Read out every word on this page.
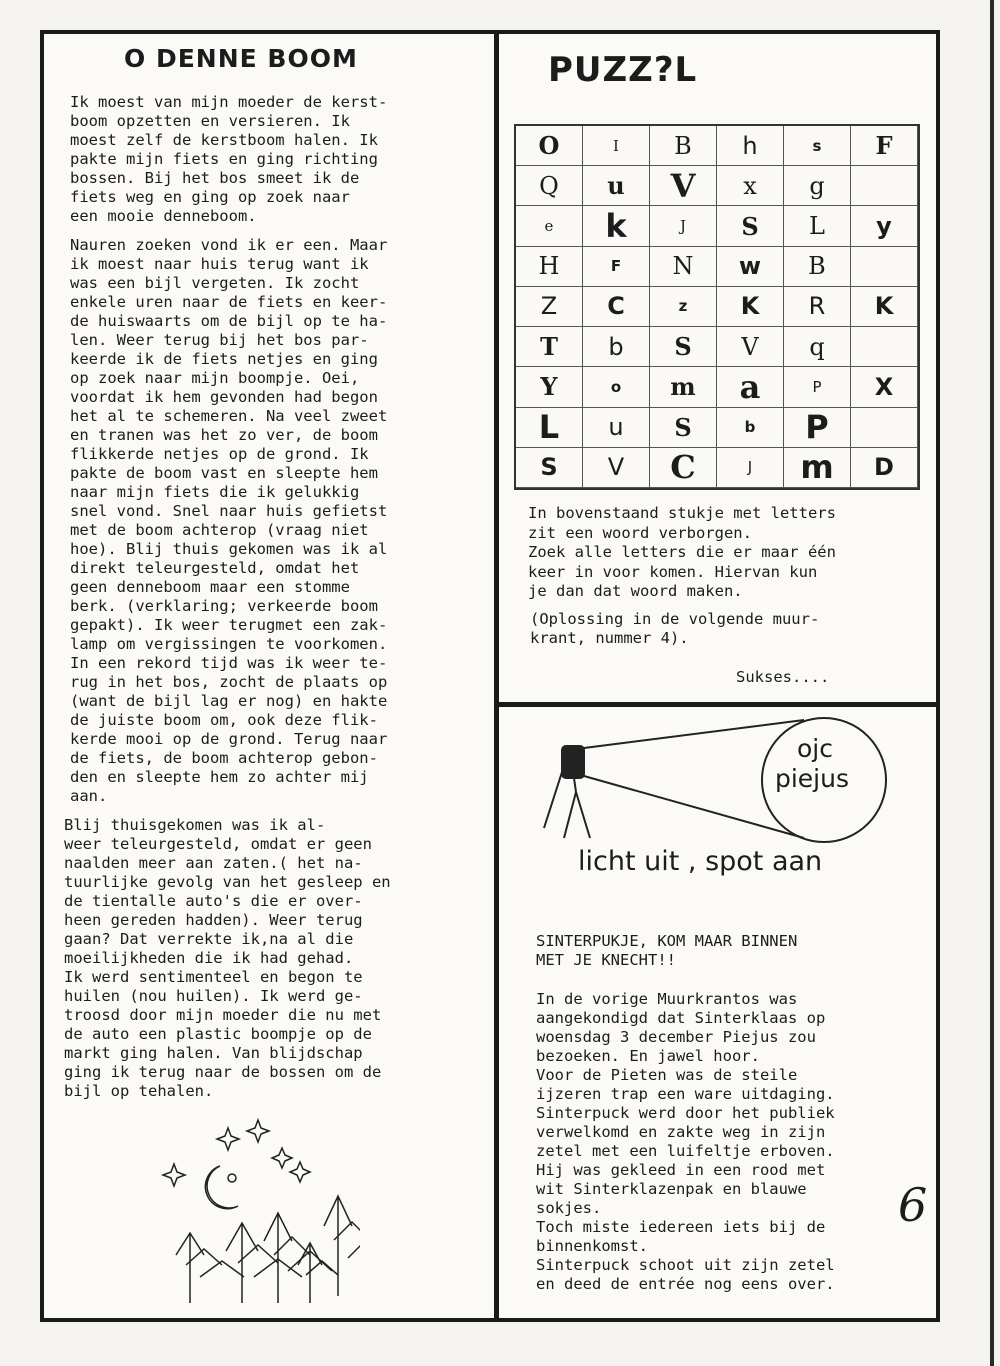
O DENNE BOOM
Ik moest van mijn moeder de kerst-
boom opzetten en versieren. Ik
moest zelf de kerstboom halen. Ik
pakte mijn fiets en ging richting
bossen. Bij het bos smeet ik de
fiets weg en ging op zoek naar
een mooie denneboom.
Nauren zoeken vond ik er een. Maar
ik moest naar huis terug want ik
was een bijl vergeten. Ik zocht
enkele uren naar de fiets en keer-
de huiswaarts om de bijl op te ha-
len. Weer terug bij het bos par-
keerde ik de fiets netjes en ging
op zoek naar mijn boompje. Oei,
voordat ik hem gevonden had begon
het al te schemeren. Na veel zweet
en tranen was het zo ver, de boom
flikkerde netjes op de grond. Ik
pakte de boom vast en sleepte hem
naar mijn fiets die ik gelukkig
snel vond. Snel naar huis gefietst
met de boom achterop (vraag niet
hoe). Blij thuis gekomen was ik al
direkt teleurgesteld, omdat het
geen denneboom maar een stomme
berk. (verklaring; verkeerde boom
gepakt). Ik weer terugmet een zak-
lamp om vergissingen te voorkomen.
In een rekord tijd was ik weer te-
rug in het bos, zocht de plaats op
(want de bijl lag er nog) en hakte
de juiste boom om, ook deze flik-
kerde mooi op de grond. Terug naar
de fiets, de boom achterop gebon-
den en sleepte hem zo achter mij
aan.
Blij thuisgekomen was ik al-
weer teleurgesteld, omdat er geen
naalden meer aan zaten.( het na-
tuurlijke gevolg van het gesleep en
de tientalle auto's die er over-
heen gereden hadden). Weer terug
gaan? Dat verrekte ik,na al die
moeilijkheden die ik had gehad.
Ik werd sentimenteel en begon te
huilen (nou huilen). Ik werd ge-
troosd door mijn moeder die nu met
de auto een plastic boompje op de
markt ging halen. Van blijdschap
ging ik terug naar de bossen om de
bijl op tehalen.
PUZZ?L
O	I	B	h	s	F
Q	u	V	x	g
e	k	J	S	L	y
H	F	N	w	B
Z	C	z	K	R	K
T	b	S	V	q
Y	o	m	a	P	X
L	u	S	b	P
S	V	C	J	m	D
In bovenstaand stukje met letters
zit een woord verborgen.
Zoek alle letters die er maar één
keer in voor komen. Hiervan kun
je dan dat woord maken.
(Oplossing in de volgende muur-
krant, nummer 4).
Sukses....
ojc
piejus
licht uit , spot aan
SINTERPUKJE, KOM MAAR BINNEN
MET JE KNECHT!!
In de vorige Muurkrantos was
aangekondigd dat Sinterklaas op
woensdag 3 december Piejus zou
bezoeken. En jawel hoor.
Voor de Pieten was de steile
ijzeren trap een ware uitdaging.
Sinterpuck werd door het publiek
verwelkomd en zakte weg in zijn
zetel met een luifeltje erboven.
Hij was gekleed in een rood met
wit Sinterklazenpak en blauwe
sokjes.
Toch miste iedereen iets bij de
binnenkomst.
Sinterpuck schoot uit zijn zetel
en deed de entrée nog eens over.
6
